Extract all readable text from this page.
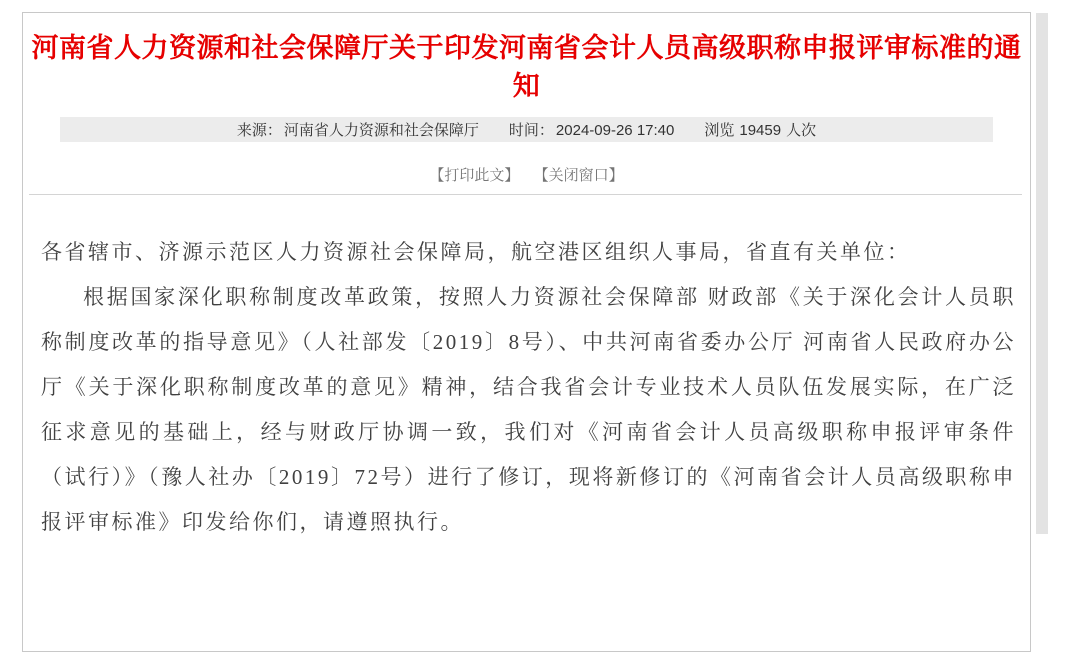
河南省人力资源和社会保障厅关于印发河南省会计人员高级职称申报评审标准的通知
来源： 河南省人力资源和社会保障厅 时间： 2024-09-26 17:40 浏览 19459 人次
【打印此文】 【关闭窗口】

各省辖市、济源示范区人力资源社会保障局，航空港区组织人事局，省直有关单位：

根据国家深化职称制度改革政策，按照人力资源社会保障部 财政部《关于深化会计人员职称制度改革的指导意见》（人社部发〔2019〕8号）、中共河南省委办公厅 河南省人民政府办公厅《关于深化职称制度改革的意见》精神，结合我省会计专业技术人员队伍发展实际，在广泛征求意见的基础上，经与财政厅协调一致，我们对《河南省会计人员高级职称申报评审条件（试行）》（豫人社办〔2019〕72号）进行了修订，现将新修订的《河南省会计人员高级职称申报评审标准》印发给你们，请遵照执行。
